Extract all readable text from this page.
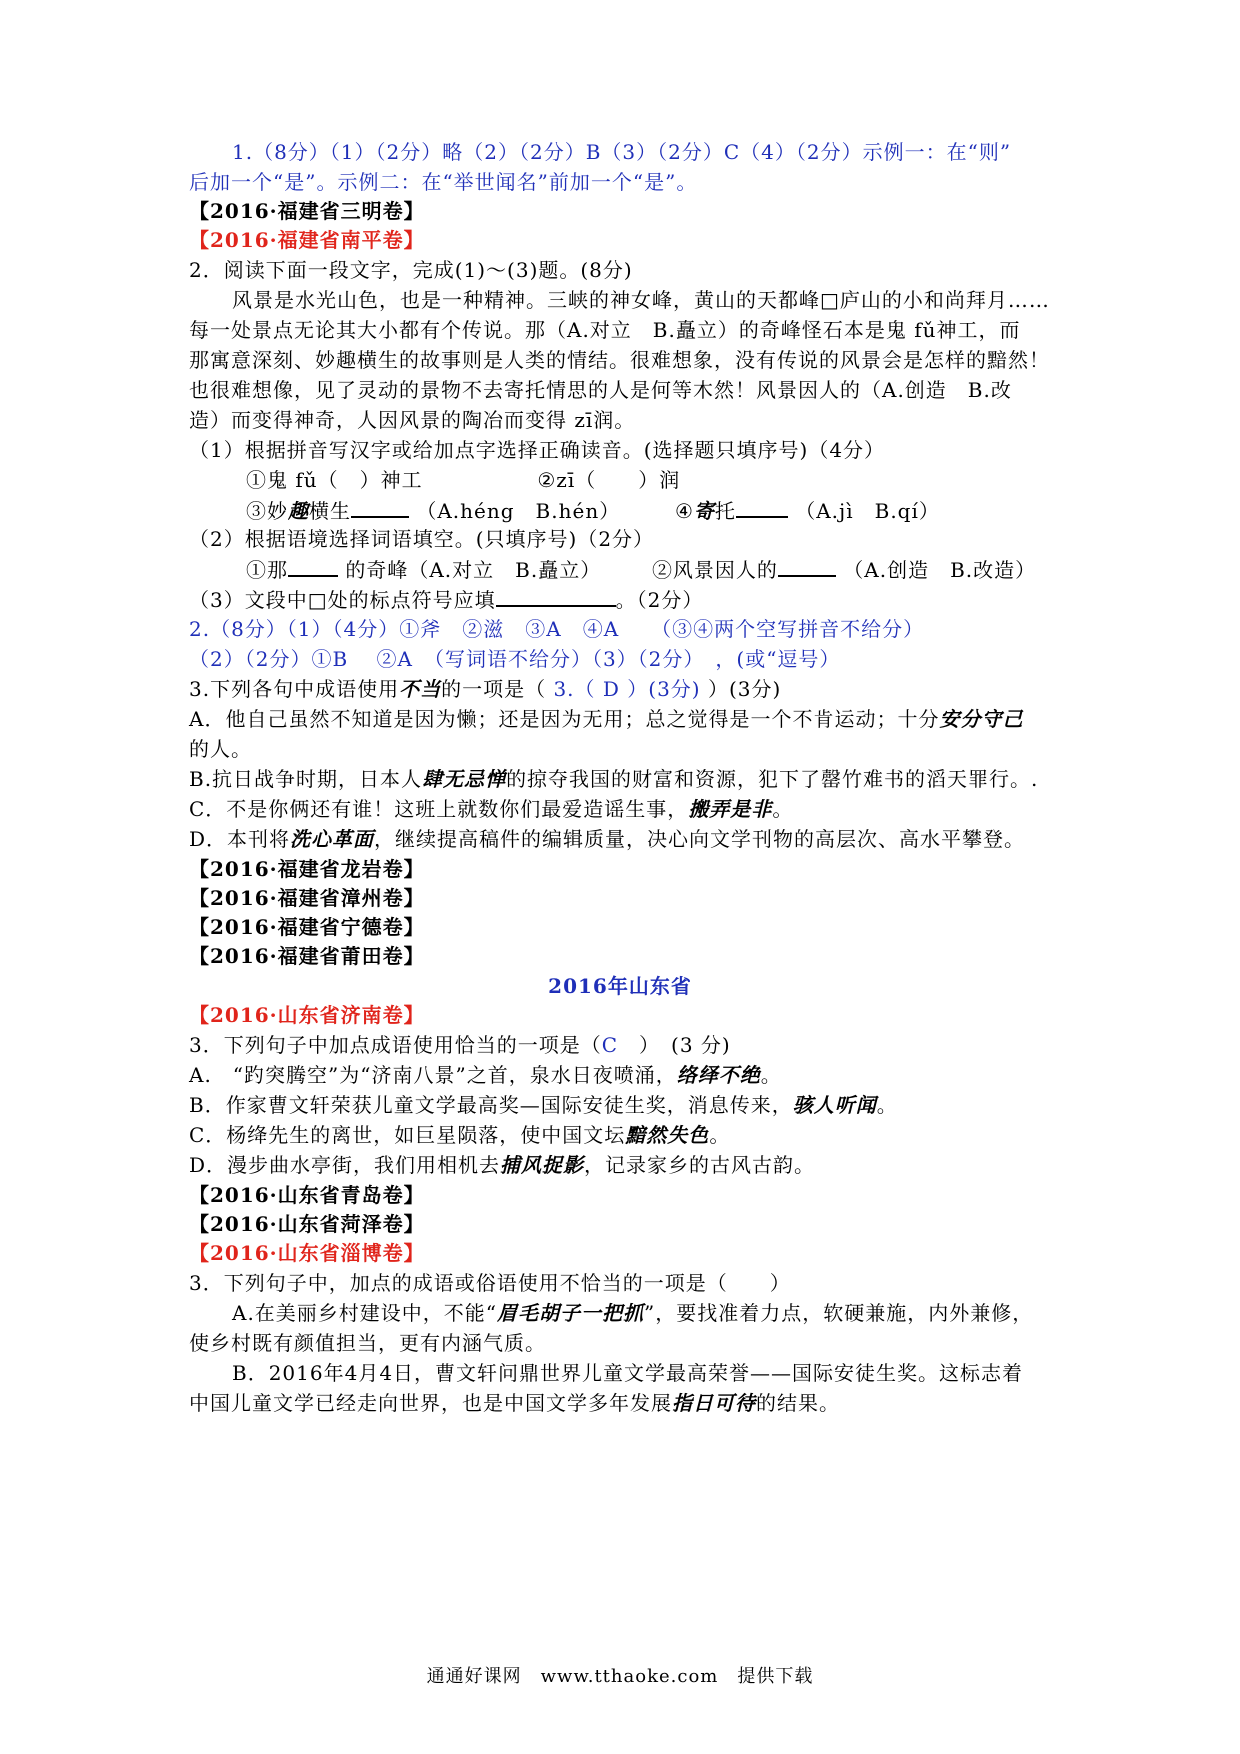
1.（8分）（1）（2分）略（2）（2分）B（3）（2分）C（4）（2分）示例一：在“则”
后加一个“是”。示例二：在“举世闻名”前加一个“是”。
【2016·福建省三明卷】
【2016·福建省南平卷】
2．阅读下面一段文字，完成(1)～(3)题。(8分)
风景是水光山色，也是一种精神。三峡的神女峰，黄山的天都峰□庐山的小和尚拜月……
每一处景点无论其大小都有个传说。那（A.对立　B.矗立）的奇峰怪石本是鬼 fǔ神工，而
那寓意深刻、妙趣横生的故事则是人类的情结。很难想象，没有传说的风景会是怎样的黯然！
也很难想像，见了灵动的景物不去寄托情思的人是何等木然！风景因人的（A.创造　B.改
造）而变得神奇，人因风景的陶冶而变得 zī润。
（1）根据拼音写汉字或给加点字选择正确读音。(选择题只填序号)（4分）
①鬼 fǔ（　）神工	②zī（　　）润
③妙趣横生	（A.héng　B.hén）	④寄托	（A.jì　B.qí）
（2）根据语境选择词语填空。(只填序号)（2分）
①那	的奇峰（A.对立　B.矗立）	②风景因人的	（A.创造　B.改造）
（3）文段中□处的标点符号应填	。（2分）
2.（8分）（1）（4分）①斧　②滋　③A　④A　　（③④两个空写拼音不给分）
（2）（2分）①B　 ②A　（写词语不给分）（3）（2分）　，(或“逗号）
3.下列各句中成语使用不当的一项是（ 3.（ D ）(3分) ）(3分)
A．他自己虽然不知道是因为懒；还是因为无用；总之觉得是一个不肯运动；十分安分守己
的人。
B.抗日战争时期，日本人肆无忌惮的掠夺我国的财富和资源，犯下了罄竹难书的滔天罪行。.
C．不是你俩还有谁！这班上就数你们最爱造谣生事，搬弄是非。
D．本刊将洗心革面，继续提高稿件的编辑质量，决心向文学刊物的高层次、高水平攀登。
【2016·福建省龙岩卷】
【2016·福建省漳州卷】
【2016·福建省宁德卷】
【2016·福建省莆田卷】
2016年山东省
【2016·山东省济南卷】
3．下列句子中加点成语使用恰当的一项是（C　）　(3 分)
A.　“趵突腾空”为“济南八景”之首，泉水日夜喷涌，络绎不绝。
B．作家曹文轩荣获儿童文学最高奖—国际安徒生奖，消息传来，骇人听闻。
C．杨绛先生的离世，如巨星陨落，使中国文坛黯然失色。
D．漫步曲水亭街，我们用相机去捕风捉影，记录家乡的古风古韵。
【2016·山东省青岛卷】
【2016·山东省菏泽卷】
【2016·山东省淄博卷】
3．下列句子中，加点的成语或俗语使用不恰当的一项是（　　）
A.在美丽乡村建设中，不能“眉毛胡子一把抓”，要找准着力点，软硬兼施，内外兼修，
使乡村既有颜值担当，更有内涵气质。
B．2016年4月4日，曹文轩问鼎世界儿童文学最高荣誉——国际安徒生奖。这标志着
中国儿童文学已经走向世界，也是中国文学多年发展指日可待的结果。
通通好课网　www.tthaoke.com　提供下载
